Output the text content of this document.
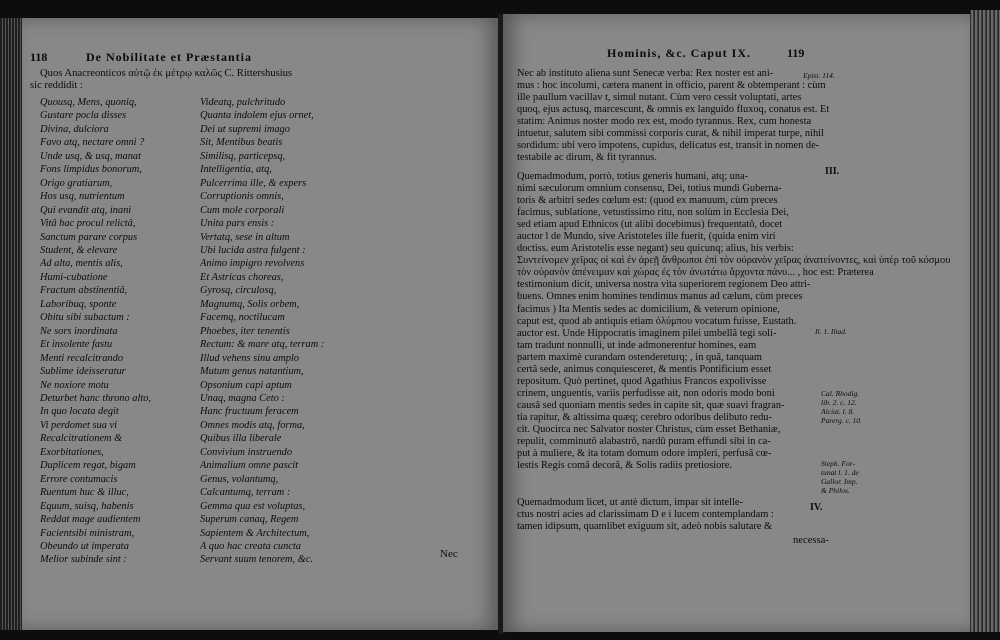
118	De Nobilitate et Præstantia
Quos Anacreonticos αὐτῷ ἐκ μέτρῳ καλῶς C. Rittershusius
sic reddidit :
Quousq, Mens, quoniq,
Gustare pocla disses
Divina, dulciora
Favo atq, nectare omni ?
Unde usq, & usq, manat
Fons limpidus bonorum,
Origo gratiarum,
Hos usq, nutrientum
Qui evandit atq, inani
Vitâ hac procul relictâ,
Sanctum parare corpus
Student, & elevare
Ad alta, mentis alis,
Humi-cubatione
Fractum abstinentiâ,
Laboribuq, sponte
Obitu sibi subactum :
Ne sors inordinata
Et insolente fastu
Menti recalcitrando
Sublime ideisseratur
Ne noxiore motu
Deturbet hanc throno alto,
In quo locata degit
Vi perdomet sua vi
Recalcitrationem &
Exorbitationes,
Duplicem regat, bigam
Errore contumacis
Ruentum huc & illuc,
Equum, suisq, habenis
Reddat mage audientem
Facientsibi ministram,
Obeundo ut imperata
Melior subinde sint :
Videatq, pulchritudo
Quanta indolem ejus ornet,
Dei ut supremi imago
Sit, Mentibus beatis
Similisq, particepsq,
Intelligentia, atq,
Pulcerrima ille, & expers
Corruptionis omnis,
Cum mole corporali
Unita pars ensis :
Vertatq, sese in altum
Ubi lucida astra fulgent :
Animo impigro revolvens
Et Astricas choreas,
Gyrosq, circulosq,
Magnumq, Solis orbem,
Facemq, noctilucam
Phoebes, iter tenentis
Rectum: & mare atq, terram :
Illud vehens sinu amplo
Mutum genus natantium,
Opsonium capi aptum
Unaq, magna Ceto :
Hanc fructuum feracem
Omnes modis atq, forma,
Quibus illa liberale
Convivium instruendo
Animalium omne pascit
Genus, volantumq,
Calcantumq, terram :
Gemma qua est voluptas,
Superum canaq, Regem
Sapientem & Architectum,
A quo hac creata cuncta
Servant suum tenorem, &c.	Nec
Hominis, &c. Caput IX.	119
Nec ab instituto aliena sunt Senecæ verba: Rex noster est ani-
mus : hoc incolumi, cætera manent in officio, parent & obtemperant : cùm
ille paullum vacillav t, simul nutant. Cùm vero cessit voluptati, artes
quoq, ejus actusq, marcescunt, & omnis ex languido fluxoq, conatus est. Et
statim: Animus noster modo rex est, modo tyrannus. Rex, cum honesta
intuetur, salutem sibi commissi corporis curat, & nihil imperat turpe, nihil
sordidum: ubi vero impotens, cupidus, delicatus est, transit in nomen de-
testabile ac dirum, & fit tyrannus.
Quemadmodum, porrò, totius generis humani, atq; una-
nimi sæculorum omnium consensu, Dei, totius mundi Guberna-
toris & arbitri sedes cœlum est: (quod ex manuum, cùm preces
facimus, sublatione, vetustissimo ritu, non solùm in Ecclesia Dei,
sed etiam apud Ethnicos (ut alibi docebimus) frequentatô, docet
auctor l de Mundo, sive Aristoteles ille fuerit, (quida enim viri
doctiss. eum Aristotelis esse negant) seu quicunq; alius, his verbis:
Συντείνομεν χεῖρας οἱ καὶ ἐν ἀρεῇ ἄνθρωποι ἐπὶ τὸν οὐρανὸν χεῖρας ἀνατείνοντες, καὶ ὑπὲρ τοῦ κόσμου
τὸν οὐρανὸν ἀπένειμαν καὶ χώρας ἐς τὸν ἀνωτάτω ἄρχοντα πάνυ... , hoc est: Præterea
testimonium dicit, universa nostra vita superiorem regionem Deo attri-
buens. Omnes enim homines tendimus manus ad cælum, cùm preces
facimus ) Ita Mentis sedes ac domicilium, & veterum opinione,
caput est, quod ab antiquis etiam ὀλύμπου vocatum fuisse, Eustath.
auctor est. Unde Hippocratis imaginem pilei umbellâ tegi soli-
tam tradunt nonnulli, ut inde admonerentur homines, eam
partem maximè curandam ostendereturq; , in quâ, tanquam
certâ sede, animus conquiesceret, & mentis Pontificium esset
repositum. Quò pertinet, quod Agathius Francos expolivisse
crinem, unguentis, variis perfudisse ait, non odoris modo boni
causâ sed quoniam mentis sedes in capite sit, quæ suavi fragran-
tia rapitur, & altissima quæq; cerebro odoribus delibuto redu-
cit. Quocirca nec Salvator noster Christus, cùm esset Bethaniæ,
repulit, comminutô alabastrô, nardû puram effundi sibi in ca-
put à muliere, & ita totam domum odore impleri, perfusâ cœ-
lestis Regis comâ decorâ, & Solis radiis pretiosiore.
Quemadmodum licet, ut antè dictum, impar sit intelle-
ctus nostri acies ad clarissimam D e i lucem contemplandam :
tamen idipsum, quamlibet exiguum sit, adeò nobis salutare &
Epist. 114.
III.
Il. 1. Iliad.
Cal. Rhodig.
lib. 2. c. 12.
Alciat. l. 8.
Parerg. c. 10.
Steph. For-
tunat l. 1. de
Gallor. Imp.
& Philos.
IV.
necessa-
